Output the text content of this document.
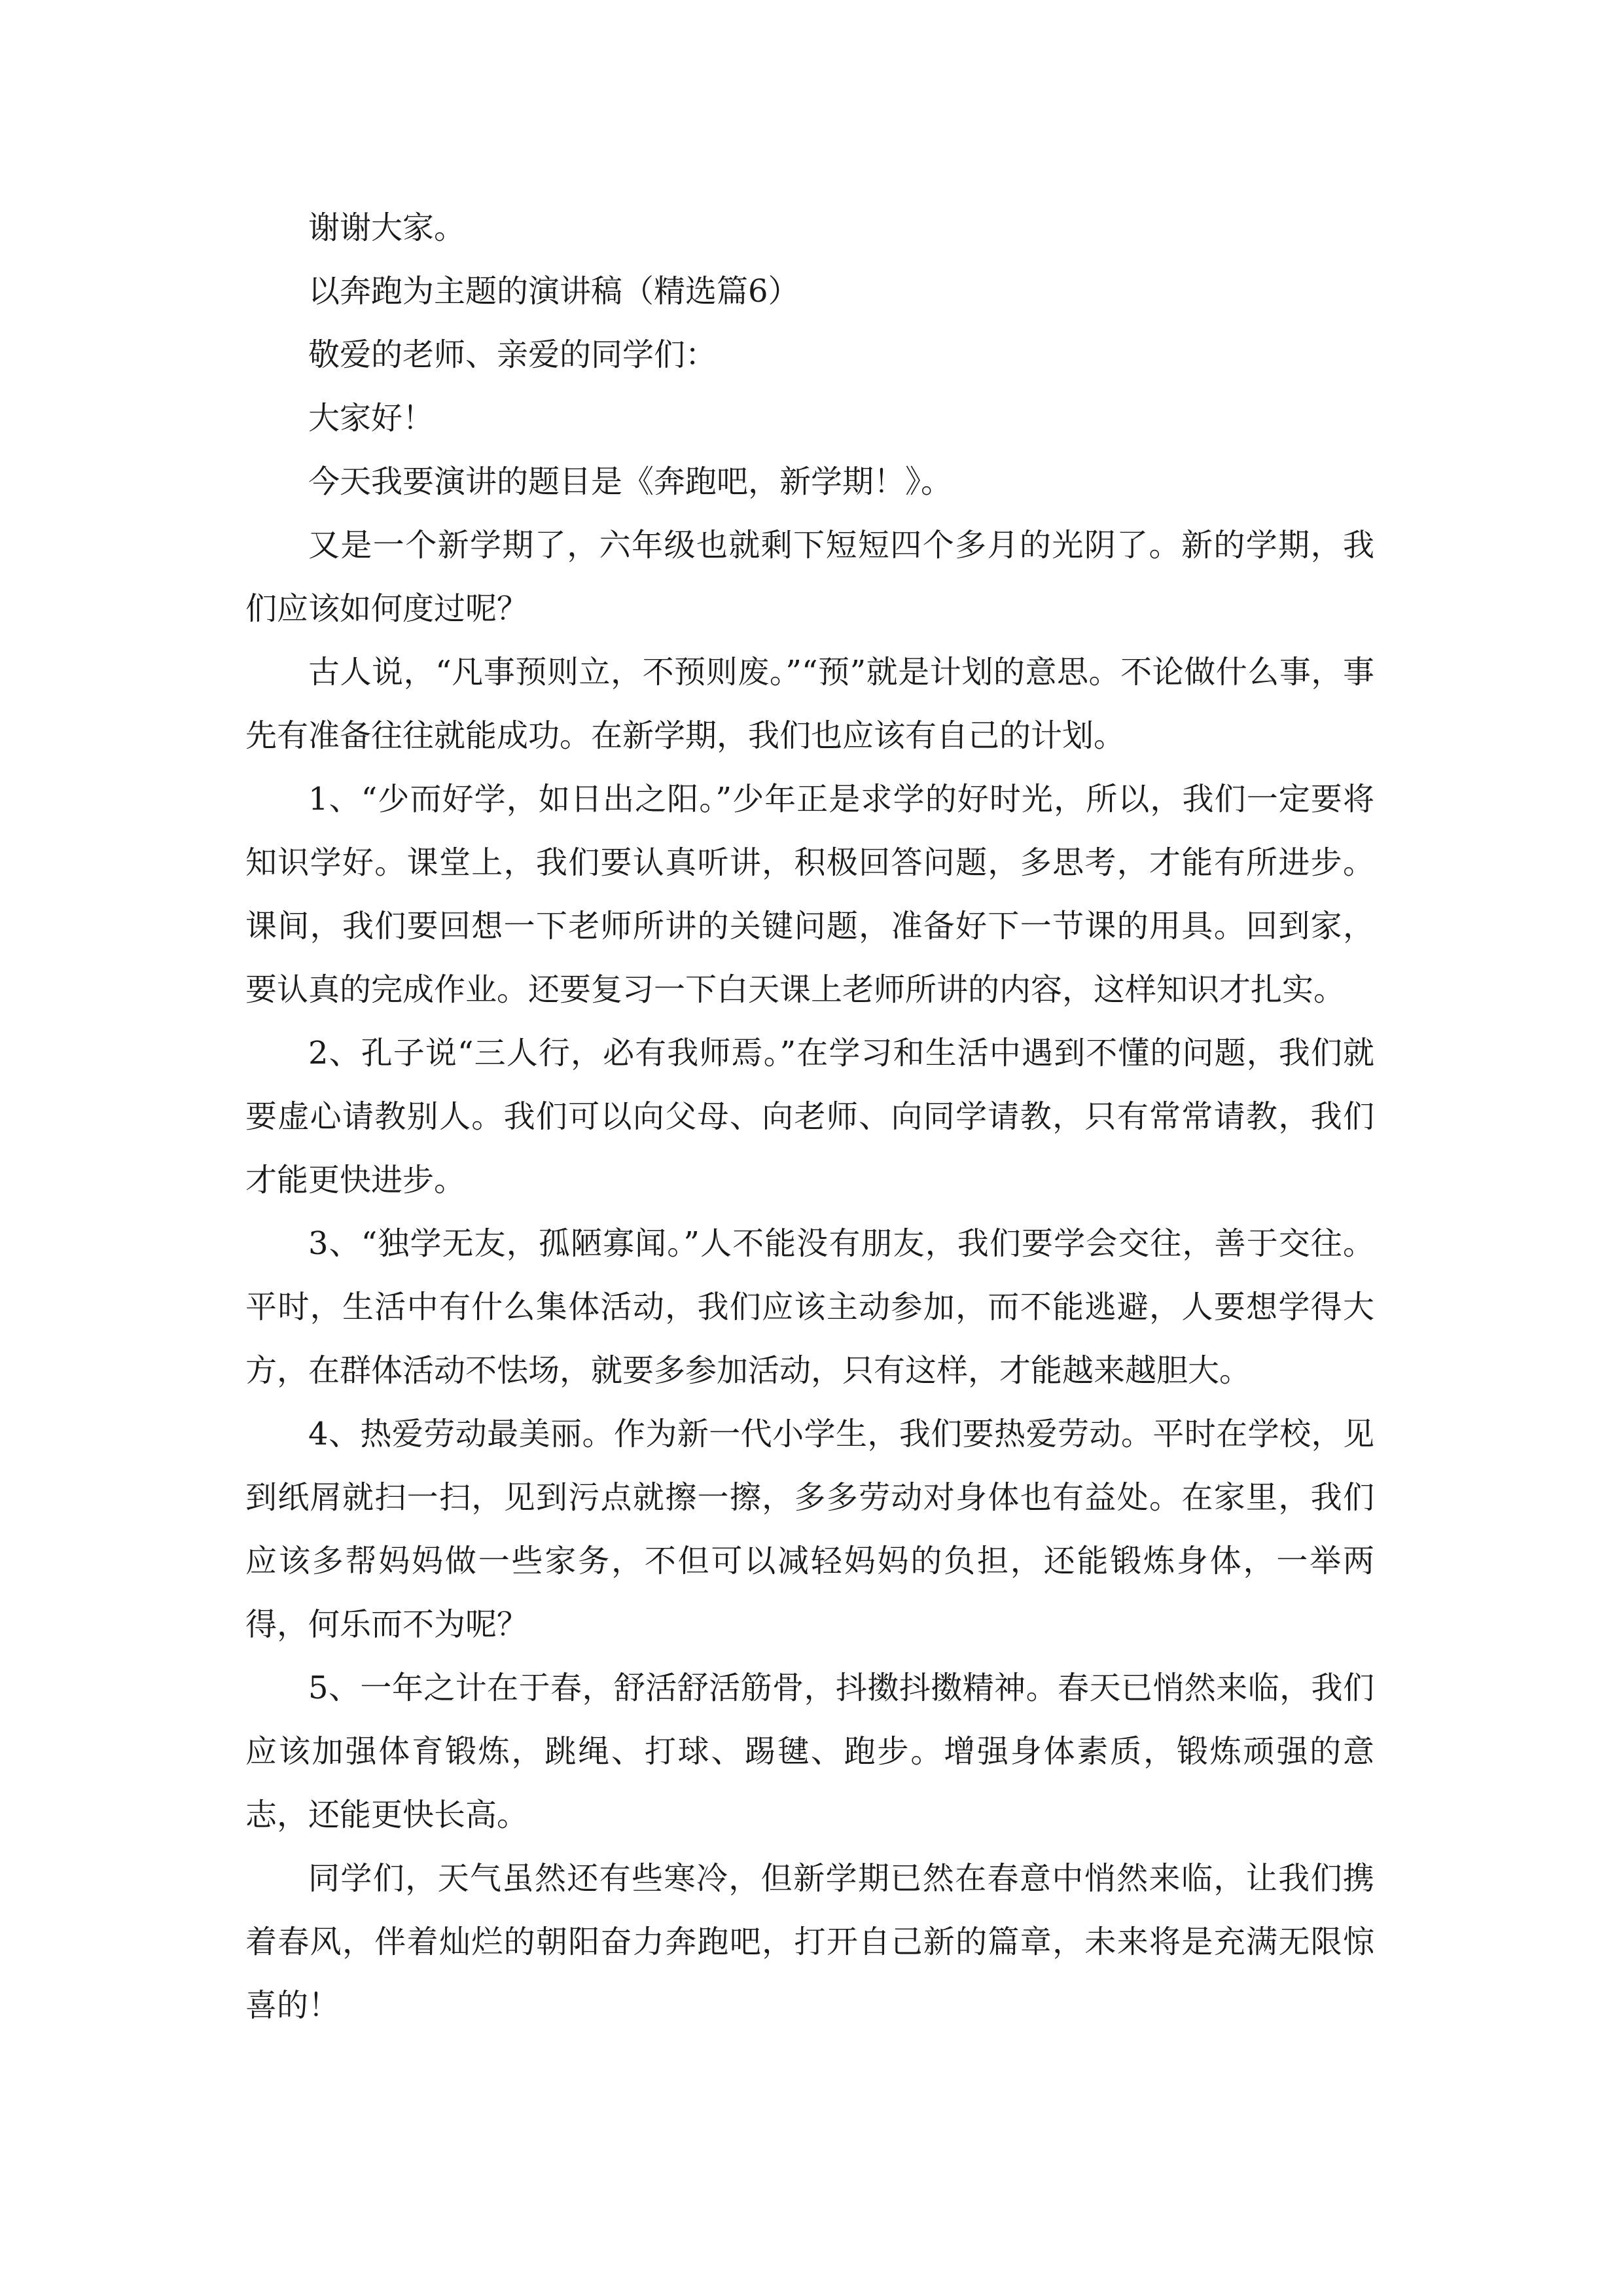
谢谢大家。

以奔跑为主题的演讲稿（精选篇6）

敬爱的老师、亲爱的同学们：

大家好！

今天我要演讲的题目是《奔跑吧，新学期！》。

又是一个新学期了，六年级也就剩下短短四个多月的光阴了。新的学期，我们应该如何度过呢？

古人说，“凡事预则立，不预则废。”“预”就是计划的意思。不论做什么事，事先有准备往往就能成功。在新学期，我们也应该有自己的计划。

1、“少而好学，如日出之阳。”少年正是求学的好时光，所以，我们一定要将知识学好。课堂上，我们要认真听讲，积极回答问题，多思考，才能有所进步。课间，我们要回想一下老师所讲的关键问题，准备好下一节课的用具。回到家，要认真的完成作业。还要复习一下白天课上老师所讲的内容，这样知识才扎实。

2、孔子说“三人行，必有我师焉。”在学习和生活中遇到不懂的问题，我们就要虚心请教别人。我们可以向父母、向老师、向同学请教，只有常常请教，我们才能更快进步。

3、“独学无友，孤陋寡闻。”人不能没有朋友，我们要学会交往，善于交往。平时，生活中有什么集体活动，我们应该主动参加，而不能逃避，人要想学得大方，在群体活动不怯场，就要多参加活动，只有这样，才能越来越胆大。

4、热爱劳动最美丽。作为新一代小学生，我们要热爱劳动。平时在学校，见到纸屑就扫一扫，见到污点就擦一擦，多多劳动对身体也有益处。在家里，我们应该多帮妈妈做一些家务，不但可以减轻妈妈的负担，还能锻炼身体，一举两得，何乐而不为呢？

5、一年之计在于春，舒活舒活筋骨，抖擞抖擞精神。春天已悄然来临，我们应该加强体育锻炼，跳绳、打球、踢毽、跑步。增强身体素质，锻炼顽强的意志，还能更快长高。

同学们，天气虽然还有些寒冷，但新学期已然在春意中悄然来临，让我们携着春风，伴着灿烂的朝阳奋力奔跑吧，打开自己新的篇章，未来将是充满无限惊喜的！
